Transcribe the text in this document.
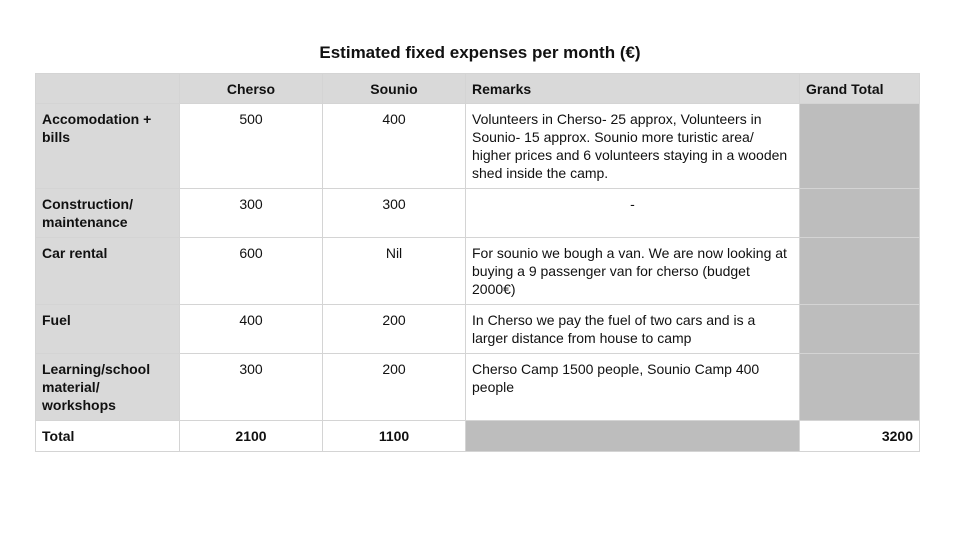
Estimated fixed expenses per month (€)
	Cherso	Sounio	Remarks	Grand Total
Accomodation + bills	500	400	Volunteers in Cherso- 25 approx, Volunteers in Sounio- 15 approx. Sounio more turistic area/ higher prices and 6 volunteers staying in a wooden shed inside the camp.	
Construction/ maintenance	300	300	-	
Car rental	600	Nil	For sounio we bough a van. We are now looking at buying a 9 passenger van for cherso (budget 2000€)	
Fuel	400	200	In Cherso we pay the fuel of two cars and is a larger distance from house to camp	
Learning/school material/ workshops	300	200	Cherso Camp 1500 people, Sounio Camp 400 people	
Total	2100	1100		3200
